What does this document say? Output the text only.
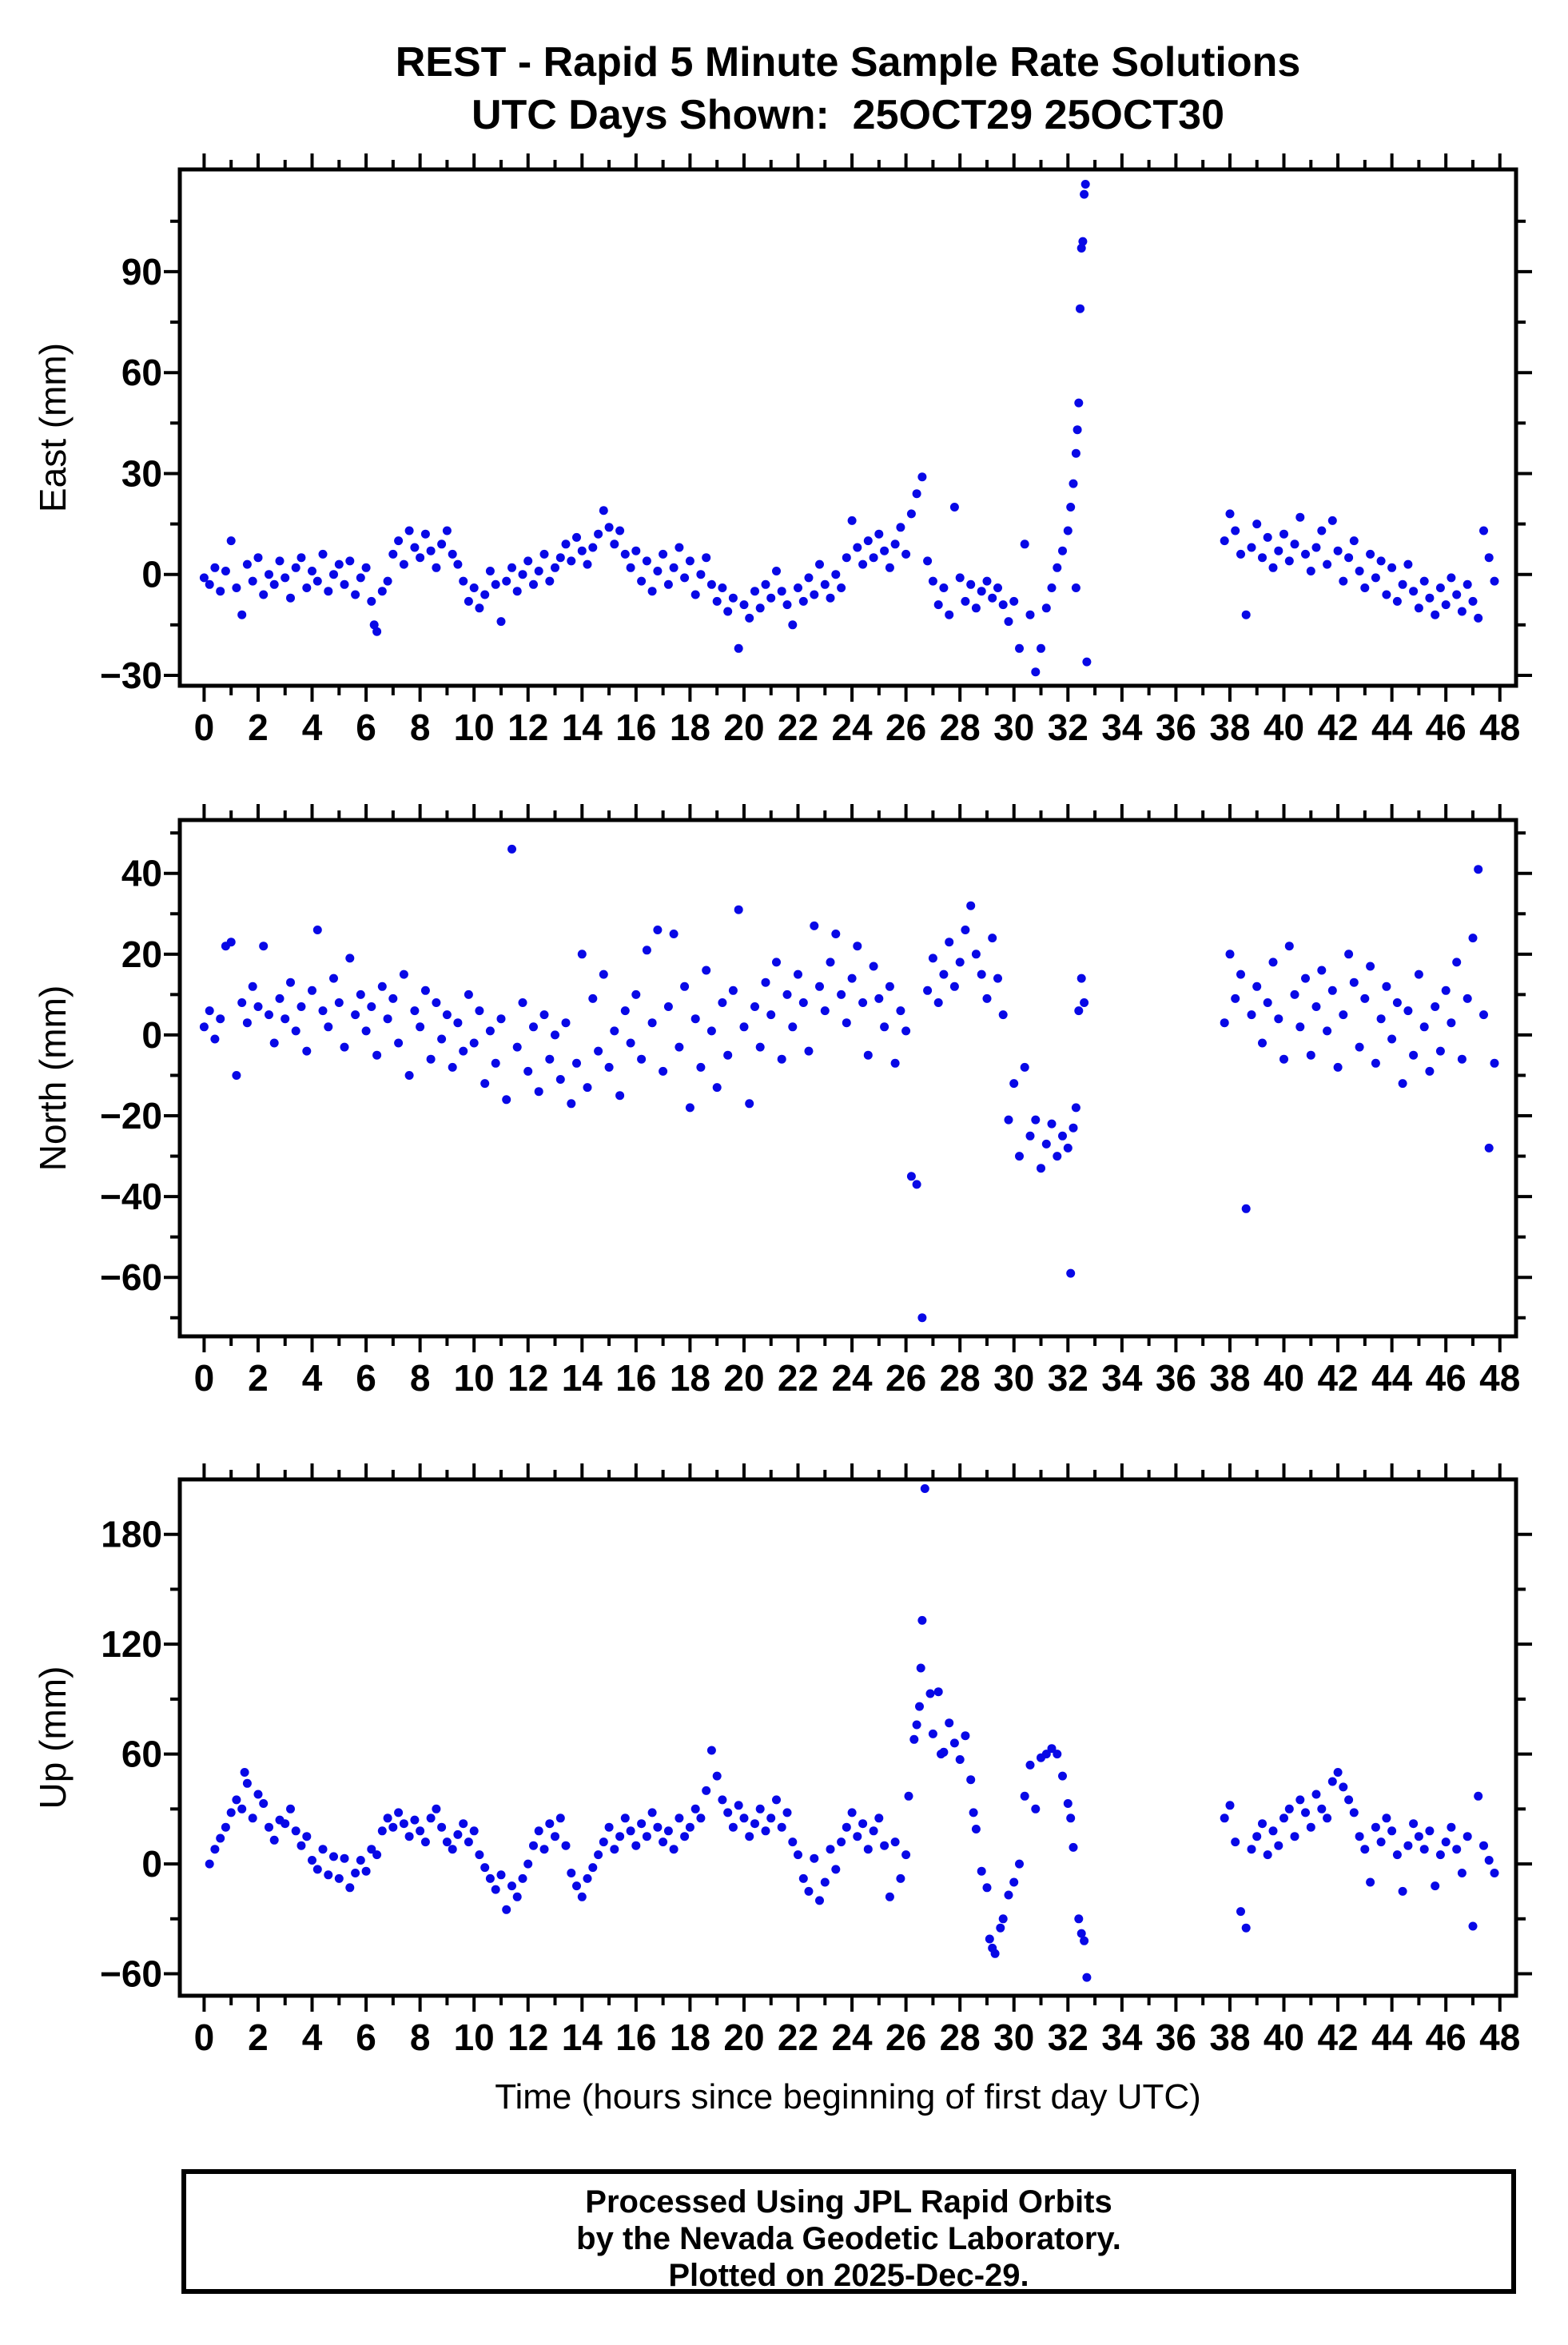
0 2 4 6 8 10 12 14 16 18 20 22 24 26 28 30 32 34 36 38 40 42 44 46 48
−30
0
30
60
90
0 2 4 6 8 10 12 14 16 18 20 22 24 26 28 30 32 34 36 38 40 42 44 46 48
−60
−40
−20
0
20
40
0 2 4 6 8 10 12 14 16 18 20 22 24 26 28 30 32 34 36 38 40 42 44 46 48
−60
0
60
120
180
REST - Rapid 5 Minute Sample Rate Solutions
UTC Days Shown:  25OCT29 25OCT30
East (mm)
North (mm)
Up (mm)
Time (hours since beginning of first day UTC)
Processed Using JPL Rapid Orbits
by the Nevada Geodetic Laboratory.
Plotted on 2025-Dec-29.
